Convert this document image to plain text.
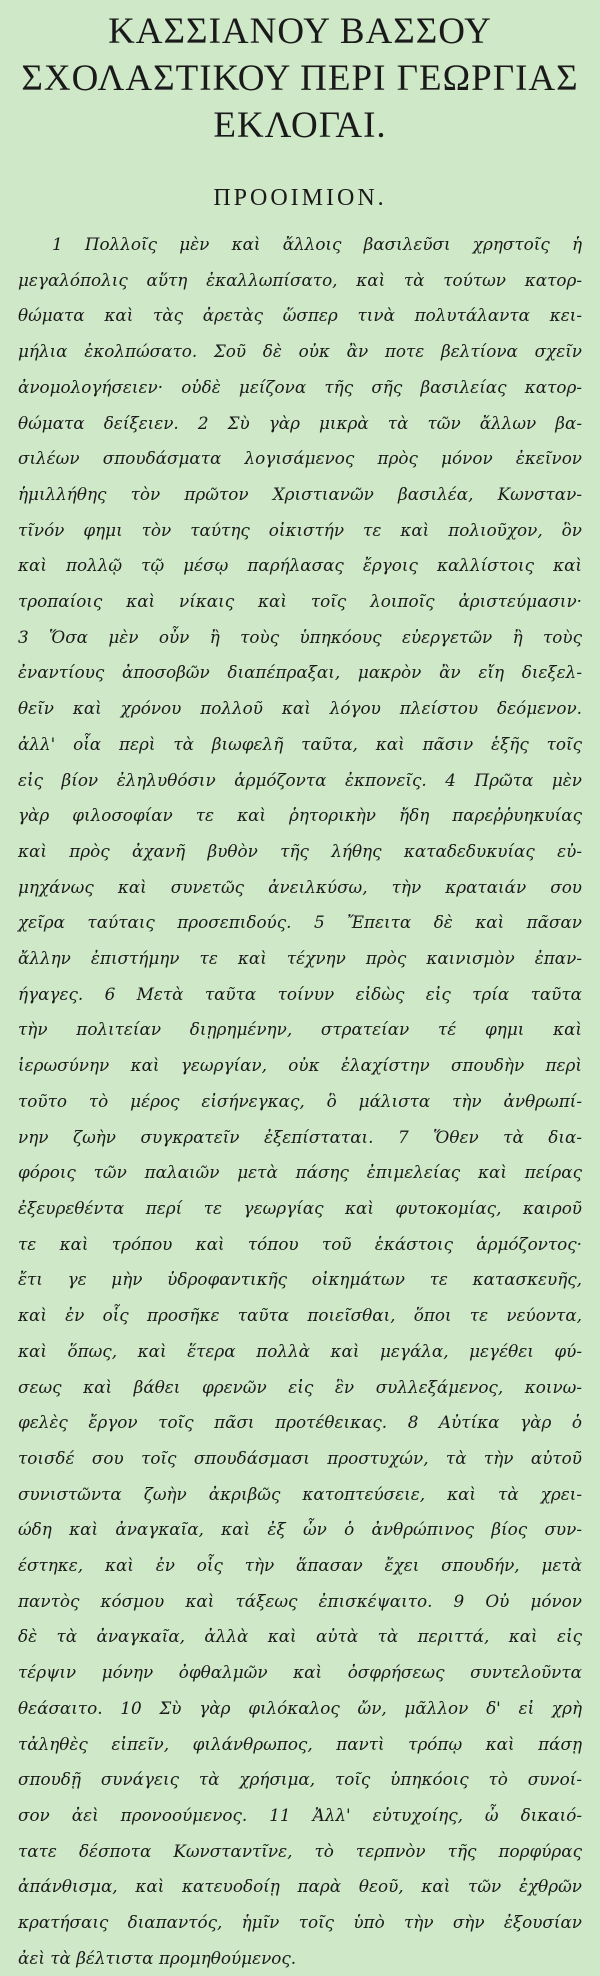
ΚΑΣΣΙΑΝΟΥ ΒΑΣΣΟΥ
ΣΧΟΛΑΣΤΙΚΟΥ ΠΕΡΙ ΓΕΩΡΓΙΑΣ
ΕΚΛΟΓΑΙ.
ΠΡΟΟΙΜΙΟΝ.
1 Πολλοῖς μὲν καὶ ἄλλοις βασιλεῦσι χρηστοῖς ἡ
μεγαλόπολις αὕτη ἐκαλλωπίσατο, καὶ τὰ τούτων κατορ-
θώματα καὶ τὰς ἀρετὰς ὥσπερ τινὰ πολυτάλαντα κει-
μήλια ἐκολπώσατο. Σοῦ δὲ οὐκ ἂν ποτε βελτίονα σχεῖν
ἀνομολογήσειεν· οὐδὲ μείζονα τῆς σῆς βασιλείας κατορ-
θώματα δείξειεν. 2 Σὺ γὰρ μικρὰ τὰ τῶν ἄλλων βα-
σιλέων σπουδάσματα λογισάμενος πρὸς μόνον ἐκεῖνον
ἡμιλλήθης τὸν πρῶτον Χριστιανῶν βασιλέα, Κωνσταν-
τῖνόν φημι τὸν ταύτης οἰκιστήν τε καὶ πολιοῦχον, ὃν
καὶ πολλῷ τῷ μέσῳ παρήλασας ἔργοις καλλίστοις καὶ
τροπαίοις καὶ νίκαις καὶ τοῖς λοιποῖς ἀριστεύμασιν·
3 Ὅσα μὲν οὖν ἢ τοὺς ὑπηκόους εὐεργετῶν ἢ τοὺς
ἐναντίους ἀποσοβῶν διαπέπραξαι, μακρὸν ἂν εἴη διεξελ-
θεῖν καὶ χρόνου πολλοῦ καὶ λόγου πλείστου δεόμενον.
ἀλλ' οἷα περὶ τὰ βιωφελῆ ταῦτα, καὶ πᾶσιν ἑξῆς τοῖς
εἰς βίον ἐληλυθόσιν ἁρμόζοντα ἐκπονεῖς. 4 Πρῶτα μὲν
γὰρ φιλοσοφίαν τε καὶ ῥητορικὴν ἤδη παρεῤῥυηκυίας
καὶ πρὸς ἀχανῆ βυθὸν τῆς λήθης καταδεδυκυίας εὐ-
μηχάνως καὶ συνετῶς ἀνειλκύσω, τὴν κραταιάν σου
χεῖρα ταύταις προσεπιδούς. 5 Ἔπειτα δὲ καὶ πᾶσαν
ἄλλην ἐπιστήμην τε καὶ τέχνην πρὸς καινισμὸν ἐπαν-
ήγαγες. 6 Μετὰ ταῦτα τοίνυν εἰδὼς εἰς τρία ταῦτα
τὴν πολιτείαν διῃρημένην, στρατείαν τέ φημι καὶ
ἱερωσύνην καὶ γεωργίαν, οὐκ ἐλαχίστην σπουδὴν περὶ
τοῦτο τὸ μέρος εἰσήνεγκας, ὃ μάλιστα τὴν ἀνθρωπί-
νην ζωὴν συγκρατεῖν ἐξεπίσταται. 7 Ὅθεν τὰ δια-
φόροις τῶν παλαιῶν μετὰ πάσης ἐπιμελείας καὶ πείρας
ἐξευρεθέντα περί τε γεωργίας καὶ φυτοκομίας, καιροῦ
τε καὶ τρόπου καὶ τόπου τοῦ ἑκάστοις ἁρμόζοντος·
ἔτι γε μὴν ὑδροφαντικῆς οἰκημάτων τε κατασκευῆς,
καὶ ἐν οἷς προσῆκε ταῦτα ποιεῖσθαι, ὅποι τε νεύοντα,
καὶ ὅπως, καὶ ἕτερα πολλὰ καὶ μεγάλα, μεγέθει φύ-
σεως καὶ βάθει φρενῶν εἰς ἓν συλλεξάμενος, κοινω-
φελὲς ἔργον τοῖς πᾶσι προτέθεικας. 8 Αὐτίκα γὰρ ὁ
τοισδέ σου τοῖς σπουδάσμασι προστυχών, τὰ τὴν αὐτοῦ
συνιστῶντα ζωὴν ἀκριβῶς κατοπτεύσειε, καὶ τὰ χρει-
ώδη καὶ ἀναγκαῖα, καὶ ἐξ ὧν ὁ ἀνθρώπινος βίος συν-
έστηκε, καὶ ἐν οἷς τὴν ἅπασαν ἔχει σπουδήν, μετὰ
παντὸς κόσμου καὶ τάξεως ἐπισκέψαιτο. 9 Οὐ μόνον
δὲ τὰ ἀναγκαῖα, ἀλλὰ καὶ αὐτὰ τὰ περιττά, καὶ εἰς
τέρψιν μόνην ὀφθαλμῶν καὶ ὀσφρήσεως συντελοῦντα
θεάσαιτο. 10 Σὺ γὰρ φιλόκαλος ὤν, μᾶλλον δ' εἰ χρὴ
τἀληθὲς εἰπεῖν, φιλάνθρωπος, παντὶ τρόπῳ καὶ πάσῃ
σπουδῇ συνάγεις τὰ χρήσιμα, τοῖς ὑπηκόοις τὸ συνοί-
σον ἀεὶ προνοούμενος. 11 Ἀλλ' εὐτυχοίης, ὦ δικαιό-
τατε δέσποτα Κωνσταντῖνε, τὸ τερπνὸν τῆς πορφύρας
ἀπάνθισμα, καὶ κατευοδοίῃ παρὰ θεοῦ, καὶ τῶν ἐχθρῶν
κρατήσαις διαπαντός, ἡμῖν τοῖς ὑπὸ τὴν σὴν ἐξουσίαν
ἀεὶ τὰ βέλτιστα προμηθούμενος.
